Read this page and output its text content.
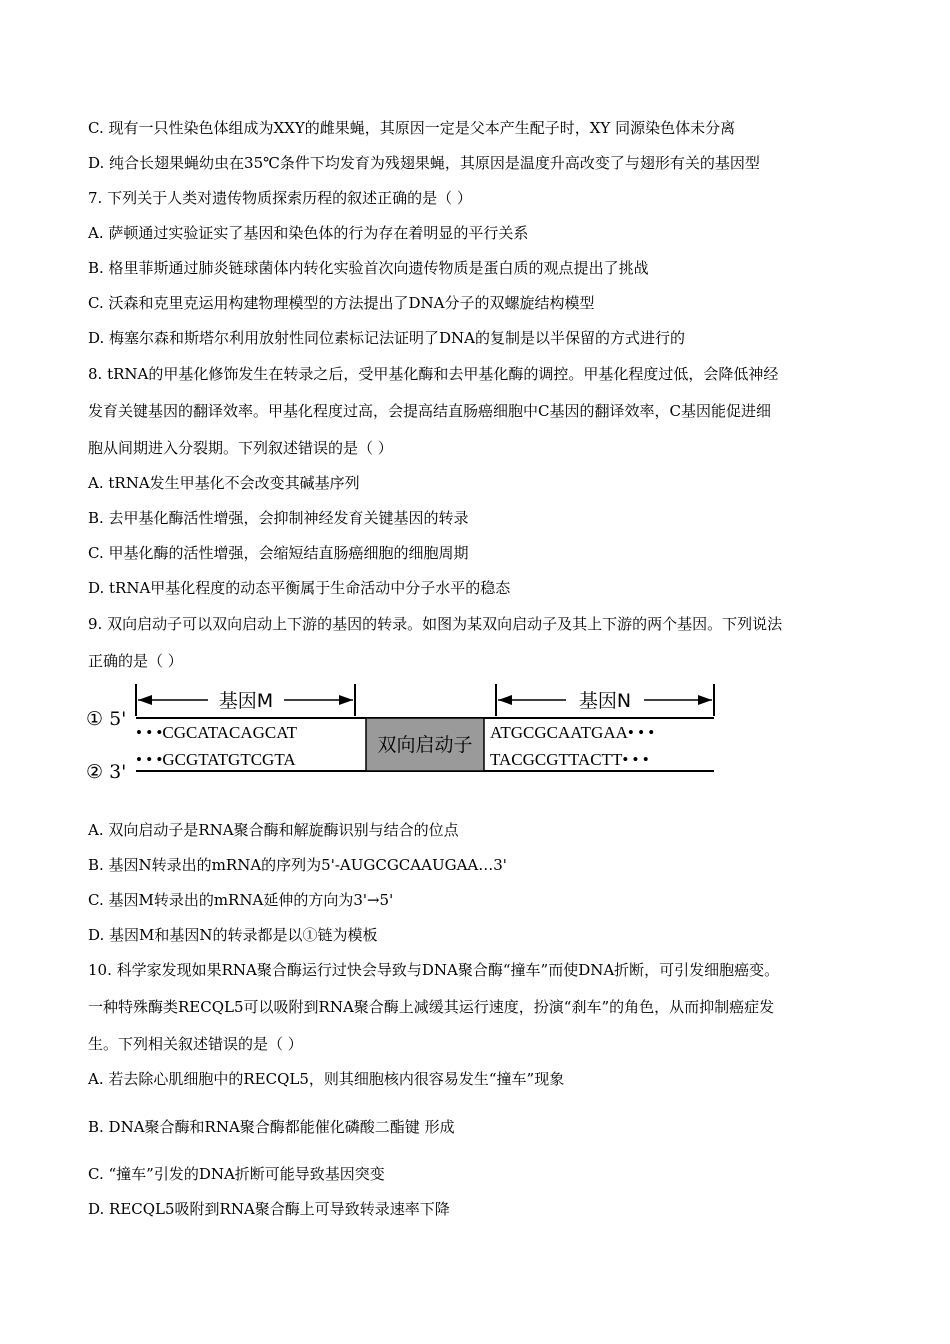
C. 现有一只性染色体组成为XXY的雌果蝇，其原因一定是父本产生配子时，XY 同源染色体未分离
D. 纯合长翅果蝇幼虫在35℃条件下均发育为残翅果蝇，其原因是温度升高改变了与翅形有关的基因型
7. 下列关于人类对遗传物质探索历程的叙述正确的是（ ）
A. 萨顿通过实验证实了基因和染色体的行为存在着明显的平行关系
B. 格里菲斯通过肺炎链球菌体内转化实验首次向遗传物质是蛋白质的观点提出了挑战
C. 沃森和克里克运用构建物理模型的方法提出了DNA分子的双螺旋结构模型
D. 梅塞尔森和斯塔尔利用放射性同位素标记法证明了DNA的复制是以半保留的方式进行的
8. tRNA的甲基化修饰发生在转录之后，受甲基化酶和去甲基化酶的调控。甲基化程度过低，会降低神经
发育关键基因的翻译效率。甲基化程度过高，会提高结直肠癌细胞中C基因的翻译效率，C基因能促进细
胞从间期进入分裂期。下列叙述错误的是（ ）
A. tRNA发生甲基化不会改变其碱基序列
B. 去甲基化酶活性增强，会抑制神经发育关键基因的转录
C. 甲基化酶的活性增强，会缩短结直肠癌细胞的细胞周期
D. tRNA甲基化程度的动态平衡属于生命活动中分子水平的稳态
9. 双向启动子可以双向启动上下游的基因的转录。如图为某双向启动子及其上下游的两个基因。下列说法
正确的是（ ）
基因M	基因N
双向启动子
① 5'
② 3'
• • •CGCATACAGCAT
• • •GCGTATGTCGTA
ATGCGCAATGAA• • •
TACGCGTTACTT• • •
A. 双向启动子是RNA聚合酶和解旋酶识别与结合的位点
B. 基因N转录出的mRNA的序列为5'-AUGCGCAAUGAA…3'
C. 基因M转录出的mRNA延伸的方向为3'→5'
D. 基因M和基因N的转录都是以①链为模板
10. 科学家发现如果RNA聚合酶运行过快会导致与DNA聚合酶“撞车”而使DNA折断，可引发细胞癌变。
一种特殊酶类RECQL5可以吸附到RNA聚合酶上减缓其运行速度，扮演“刹车”的角色，从而抑制癌症发
生。下列相关叙述错误的是（ ）
A. 若去除心肌细胞中的RECQL5，则其细胞核内很容易发生“撞车”现象
B. DNA聚合酶和RNA聚合酶都能催化磷酸二酯键 形成
C. “撞车”引发的DNA折断可能导致基因突变
D. RECQL5吸附到RNA聚合酶上可导致转录速率下降
